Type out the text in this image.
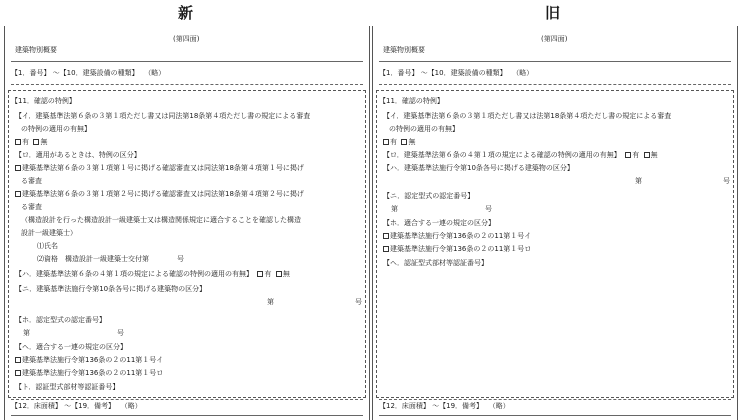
新	旧
(第四面)
建築物別概要
【1．番号】 〜【10．建築設備の種類】　 （略）
【11．確認の特例】
【イ．建築基準法第６条の３第１項ただし書又は同法第18条第４項ただし書の規定による審査
の特例の適用の有無】
有 無
【ロ．適用があるときは、特例の区分】
建築基準法第６条の３第１項第１号に掲げる確認審査又は同法第18条第４項第１号に掲げ
る審査
建築基準法第６条の３第１項第２号に掲げる確認審査又は同法第18条第４項第２号に掲げ
る審査
（構造設計を行った構造設計一級建築士又は構造関係規定に適合することを確認した構造
設計一級建築士）
⑴氏名
⑵資格　構造設計一級建築士交付第　　　　号
【ハ．建築基準法第６条の４第１項の規定による確認の特例の適用の有無】 有 無
【ニ．建築基準法施行令第10条各号に掲げる建築物の区分】
第	号
【ホ．認定型式の認定番号】
第	号
【ヘ．適合する一連の規定の区分】
建築基準法施行令第136条の２の11第１号イ
建築基準法施行令第136条の２の11第１号ロ
【ト．認証型式部材等認証番号】
【12．床面積】 〜【19．備考】　 （略）
(第四面)
建築物別概要
【1．番号】 〜【10．建築設備の種類】　 （略）
【11．確認の特例】
【イ．建築基準法第６条の３第１項ただし書又は法第18条第４項ただし書の規定による審査
の特例の適用の有無】
有 無
【ロ．建築基準法第６条の４第１項の規定による確認の特例の適用の有無】 有 無
【ハ．建築基準法施行令第10条各号に掲げる建築物の区分】
第	号
【ニ．認定型式の認定番号】
第	号
【ホ．適合する一連の規定の区分】
建築基準法施行令第136条の２の11第１号イ
建築基準法施行令第136条の２の11第１号ロ
【ヘ．認証型式部材等認証番号】
【12．床面積】 〜【19．備考】　 （略）
